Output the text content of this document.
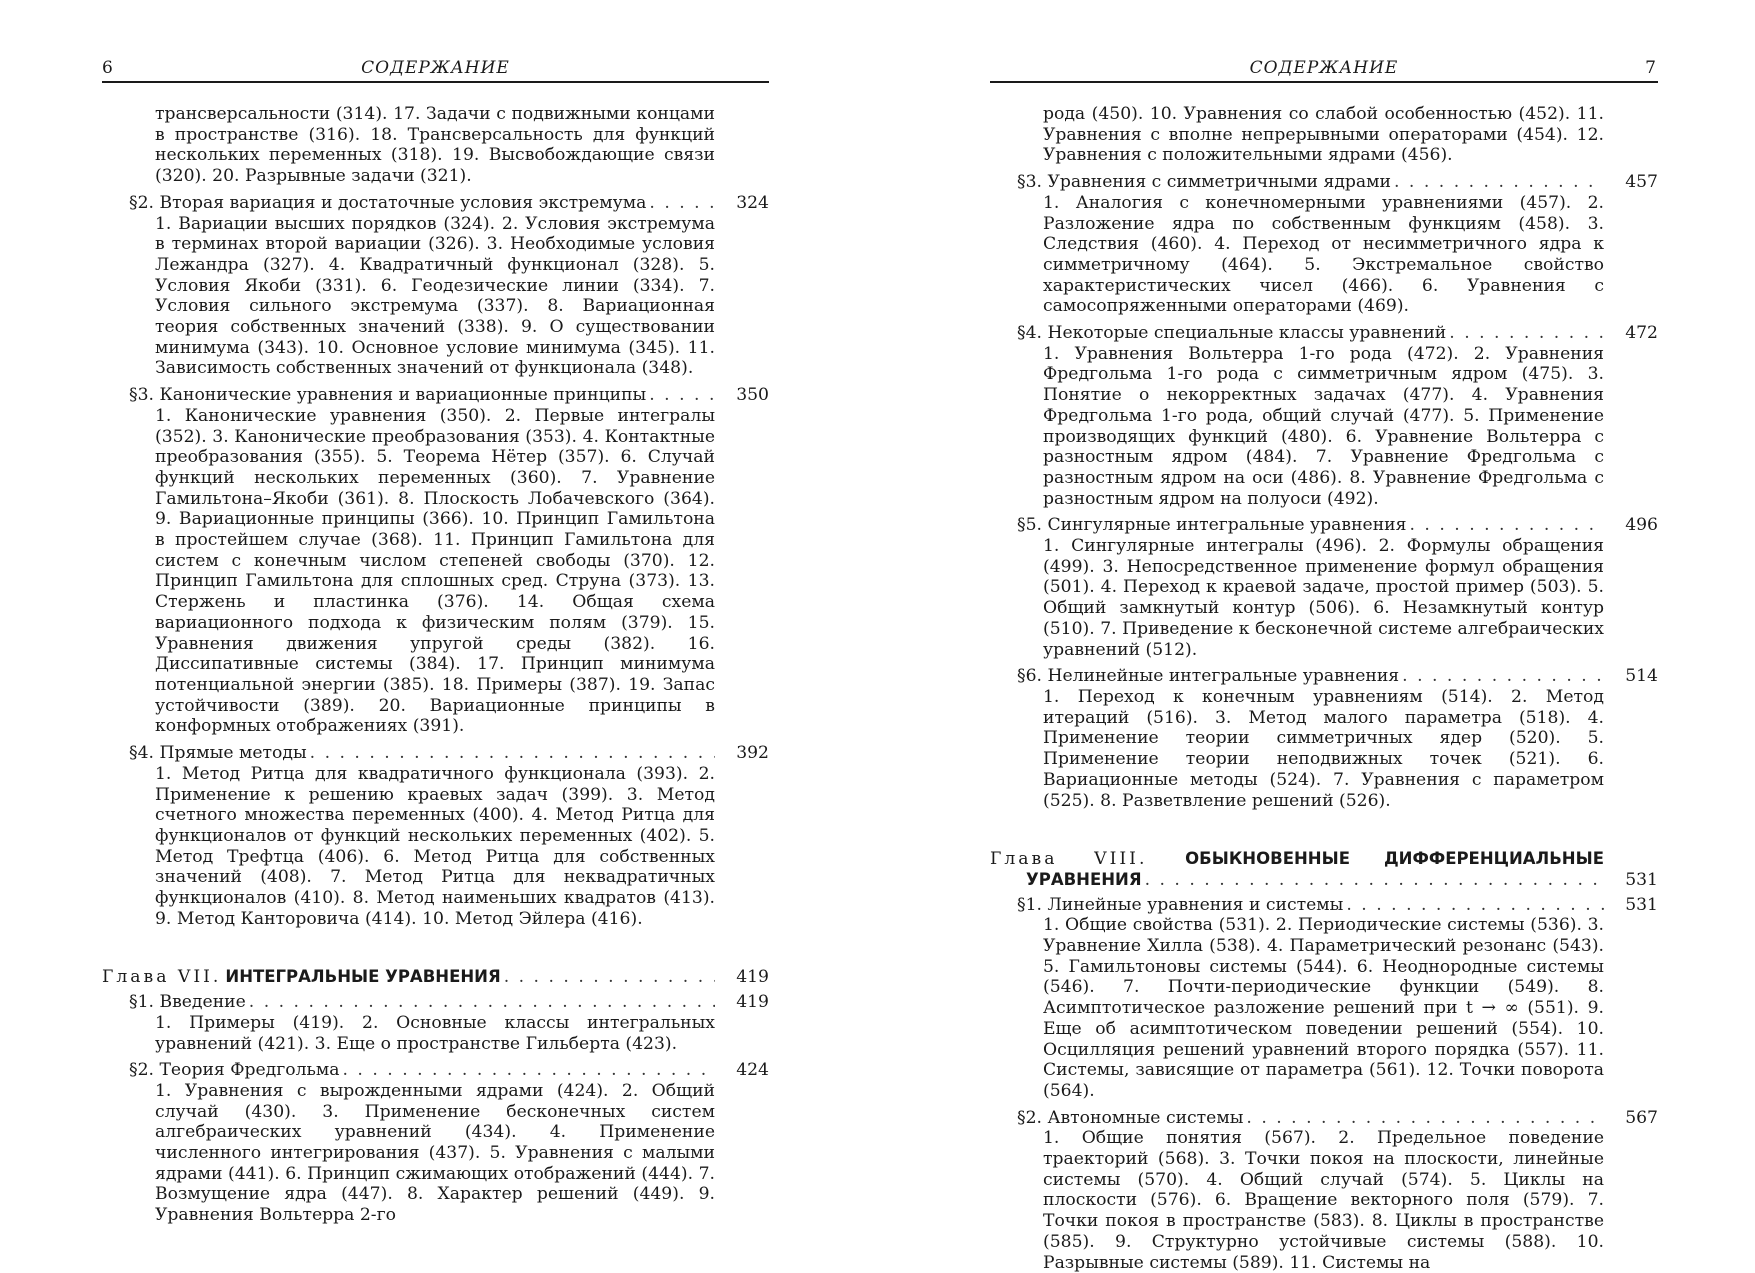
6	СОДЕРЖАНИЕ
трансверсальности (314). 17. Задачи с подвижными концами в пространстве (316). 18. Трансверсальность для функций нескольких переменных (318). 19. Высвобождающие связи (320). 20. Разрывные задачи (321).
§2. Вторая вариация и достаточные условия экстремума . . .	324
1. Вариации высших порядков (324). 2. Условия экстремума в терминах второй вариации (326). 3. Необходимые условия Лежандра (327). 4. Квадратичный функционал (328). 5. Условия Якоби (331). 6. Геодезические линии (334). 7. Условия сильного экстремума (337). 8. Вариационная теория собственных значений (338). 9. О существовании минимума (343). 10. Основное условие минимума (345). 11. Зависимость собственных значений от функционала (348).
§3. Канонические уравнения и вариационные принципы . . .	350
1. Канонические уравнения (350). 2. Первые интегралы (352). 3. Канонические преобразования (353). 4. Контактные преобразования (355). 5. Теорема Нётер (357). 6. Случай функций нескольких переменных (360). 7. Уравнение Гамильтона–Якоби (361). 8. Плоскость Лобачевского (364). 9. Вариационные принципы (366). 10. Принцип Гамильтона в простейшем случае (368). 11. Принцип Гамильтона для систем с конечным числом степеней свободы (370). 12. Принцип Гамильтона для сплошных сред. Струна (373). 13. Стержень и пластинка (376). 14. Общая схема вариационного подхода к физическим полям (379). 15. Уравнения движения упругой среды (382). 16. Диссипативные системы (384). 17. Принцип минимума потенциальной энергии (385). 18. Примеры (387). 19. Запас устойчивости (389). 20. Вариационные принципы в конформных отображениях (391).
§4. Прямые методы . . .	392
1. Метод Ритца для квадратичного функционала (393). 2. Применение к решению краевых задач (399). 3. Метод счетного множества переменных (400). 4. Метод Ритца для функционалов от функций нескольких переменных (402). 5. Метод Трефтца (406). 6. Метод Ритца для собственных значений (408). 7. Метод Ритца для неквадратичных функционалов (410). 8. Метод наименьших квадратов (413). 9. Метод Канторовича (414). 10. Метод Эйлера (416).
Глава VII. ИНТЕГРАЛЬНЫЕ УРАВНЕНИЯ . . .	419
§1. Введение . . .	419
1. Примеры (419). 2. Основные классы интегральных уравнений (421). 3. Еще о пространстве Гильберта (423).
§2. Теория Фредгольма . . .	424
1. Уравнения с вырожденными ядрами (424). 2. Общий случай (430). 3. Применение бесконечных систем алгебраических уравнений (434). 4. Применение численного интегрирования (437). 5. Уравнения с малыми ядрами (441). 6. Принцип сжимающих отображений (444). 7. Возмущение ядра (447). 8. Характер решений (449). 9. Уравнения Вольтерра 2-го
СОДЕРЖАНИЕ	7
рода (450). 10. Уравнения со слабой особенностью (452). 11. Уравнения с вполне непрерывными операторами (454). 12. Уравнения с положительными ядрами (456).
§3. Уравнения с симметричными ядрами . . .	457
1. Аналогия с конечномерными уравнениями (457). 2. Разложение ядра по собственным функциям (458). 3. Следствия (460). 4. Переход от несимметричного ядра к симметричному (464). 5. Экстремальное свойство характеристических чисел (466). 6. Уравнения с самосопряженными операторами (469).
§4. Некоторые специальные классы уравнений . . .	472
1. Уравнения Вольтерра 1-го рода (472). 2. Уравнения Фредгольма 1-го рода с симметричным ядром (475). 3. Понятие о некорректных задачах (477). 4. Уравнения Фредгольма 1-го рода, общий случай (477). 5. Применение производящих функций (480). 6. Уравнение Вольтерра с разностным ядром (484). 7. Уравнение Фредгольма с разностным ядром на оси (486). 8. Уравнение Фредгольма с разностным ядром на полуоси (492).
§5. Сингулярные интегральные уравнения . . .	496
1. Сингулярные интегралы (496). 2. Формулы обращения (499). 3. Непосредственное применение формул обращения (501). 4. Переход к краевой задаче, простой пример (503). 5. Общий замкнутый контур (506). 6. Незамкнутый контур (510). 7. Приведение к бесконечной системе алгебраических уравнений (512).
§6. Нелинейные интегральные уравнения . . .	514
1. Переход к конечным уравнениям (514). 2. Метод итераций (516). 3. Метод малого параметра (518). 4. Применение теории симметричных ядер (520). 5. Применение теории неподвижных точек (521). 6. Вариационные методы (524). 7. Уравнения с параметром (525). 8. Разветвление решений (526).
Глава VIII. ОБЫКНОВЕННЫЕ ДИФФЕРЕНЦИАЛЬНЫЕ
УРАВНЕНИЯ . . .	531
§1. Линейные уравнения и системы . . .	531
1. Общие свойства (531). 2. Периодические системы (536). 3. Уравнение Хилла (538). 4. Параметрический резонанс (543). 5. Гамильтоновы системы (544). 6. Неоднородные системы (546). 7. Почти-периодические функции (549). 8. Асимптотическое разложение решений при t → ∞ (551). 9. Еще об асимптотическом поведении решений (554). 10. Осцилляция решений уравнений второго порядка (557). 11. Системы, зависящие от параметра (561). 12. Точки поворота (564).
§2. Автономные системы . . .	567
1. Общие понятия (567). 2. Предельное поведение траекторий (568). 3. Точки покоя на плоскости, линейные системы (570). 4. Общий случай (574). 5. Циклы на плоскости (576). 6. Вращение векторного поля (579). 7. Точки покоя в пространстве (583). 8. Циклы в пространстве (585). 9. Структурно устойчивые системы (588). 10. Разрывные системы (589). 11. Системы на
